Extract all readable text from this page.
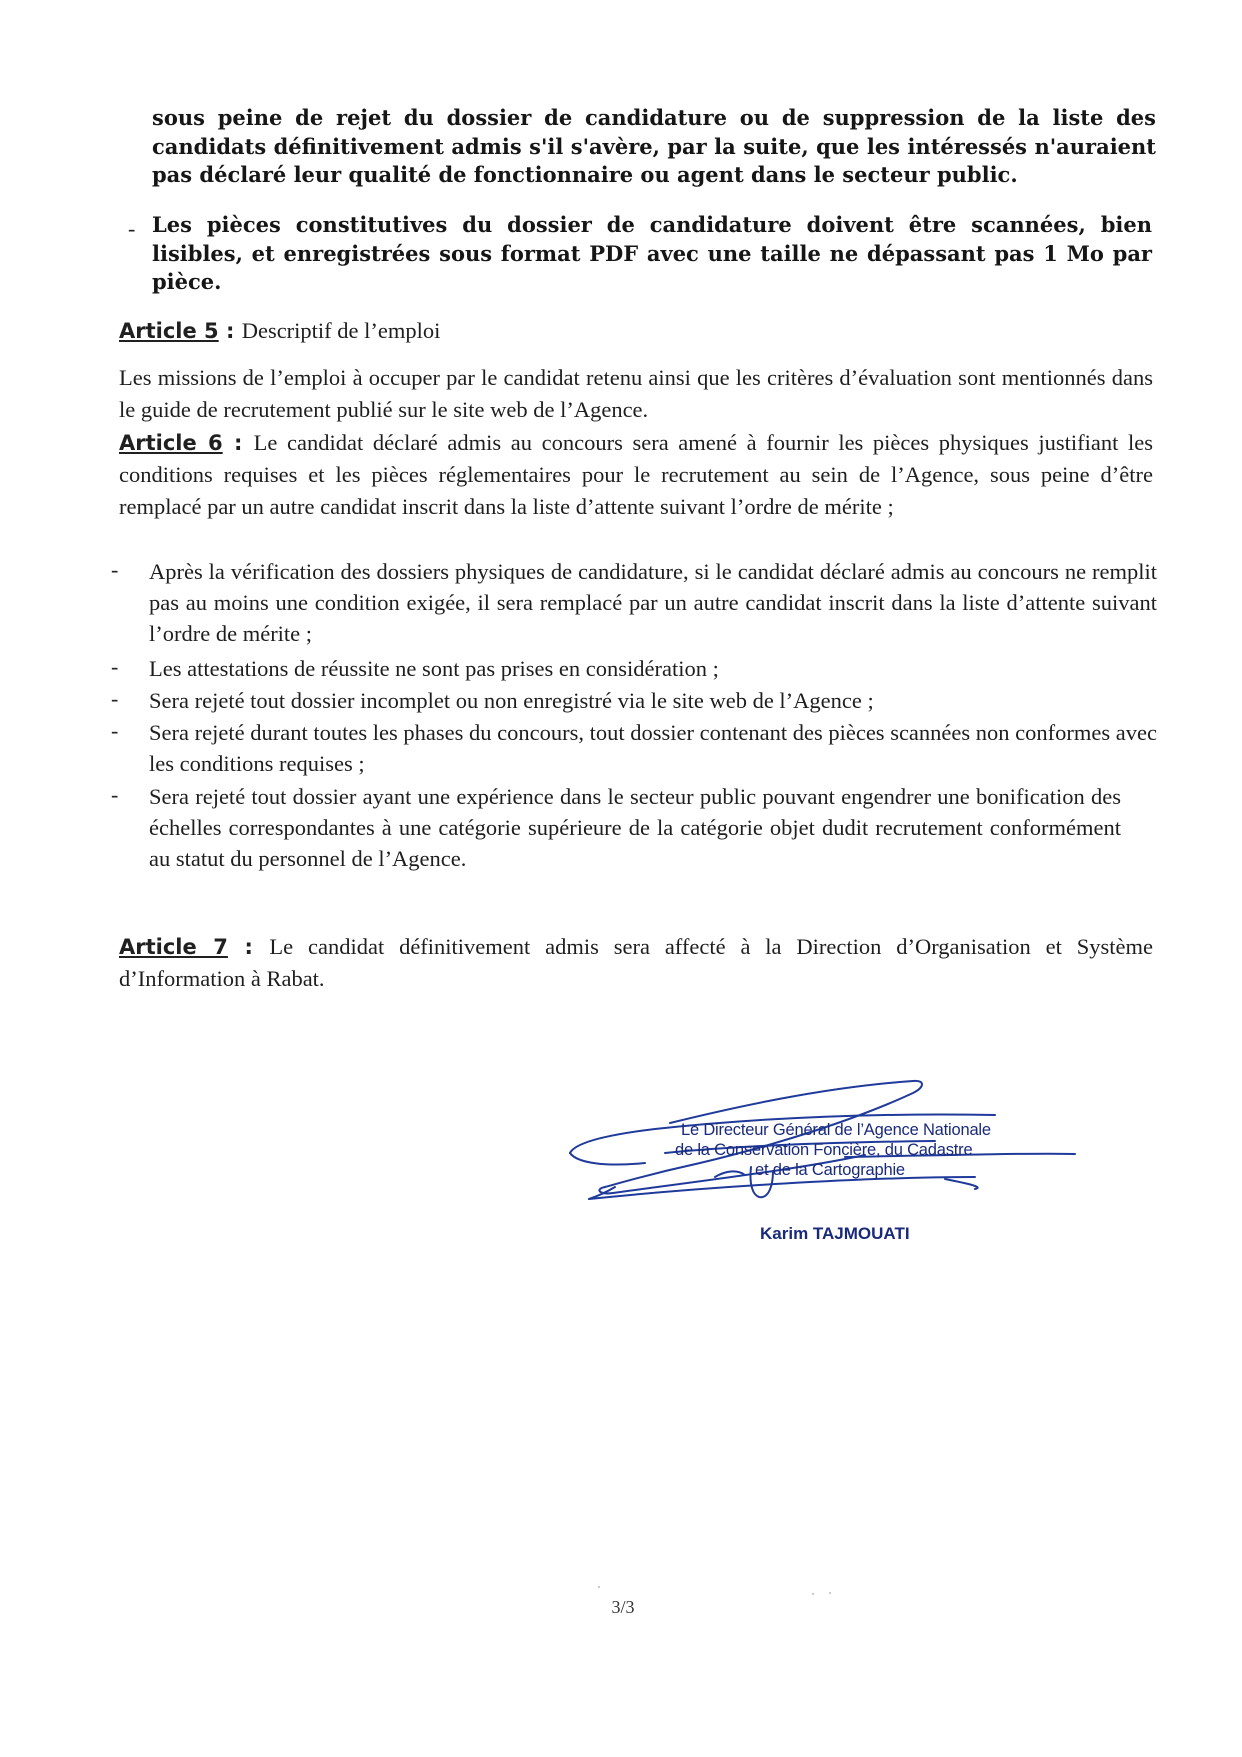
sous peine de rejet du dossier de candidature ou de suppression de la liste des candidats définitivement admis s'il s'avère, par la suite, que les intéressés n'auraient pas déclaré leur qualité de fonctionnaire ou agent dans le secteur public.
- Les pièces constitutives du dossier de candidature doivent être scannées, bien lisibles, et enregistrées sous format PDF avec une taille ne dépassant pas 1 Mo par pièce.
Article 5 : Descriptif de l’emploi
Les missions de l’emploi à occuper par le candidat retenu ainsi que les critères d’évaluation sont mentionnés dans le guide de recrutement publié sur le site web de l’Agence.
Article 6 : Le candidat déclaré admis au concours sera amené à fournir les pièces physiques justifiant les conditions requises et les pièces réglementaires pour le recrutement au sein de l’Agence, sous peine d’être remplacé par un autre candidat inscrit dans la liste d’attente suivant l’ordre de mérite ;
- Après la vérification des dossiers physiques de candidature, si le candidat déclaré admis au concours ne remplit pas au moins une condition exigée, il sera remplacé par un autre candidat inscrit dans la liste d’attente suivant l’ordre de mérite ;
- Les attestations de réussite ne sont pas prises en considération ;
- Sera rejeté tout dossier incomplet ou non enregistré via le site web de l’Agence ;
- Sera rejeté durant toutes les phases du concours, tout dossier contenant des pièces scannées non conformes avec les conditions requises ;
- Sera rejeté tout dossier ayant une expérience dans le secteur public pouvant engendrer une bonification des échelles correspondantes à une catégorie supérieure de la catégorie objet dudit recrutement conformément au statut du personnel de l’Agence.
Article 7 : Le candidat définitivement admis sera affecté à la Direction d’Organisation et Système d’Information à Rabat.
Le Directeur Général de l’Agence Nationale
de la Conservation Foncière, du Cadastre
et de la Cartographie
Karim TAJMOUATI
3/3
